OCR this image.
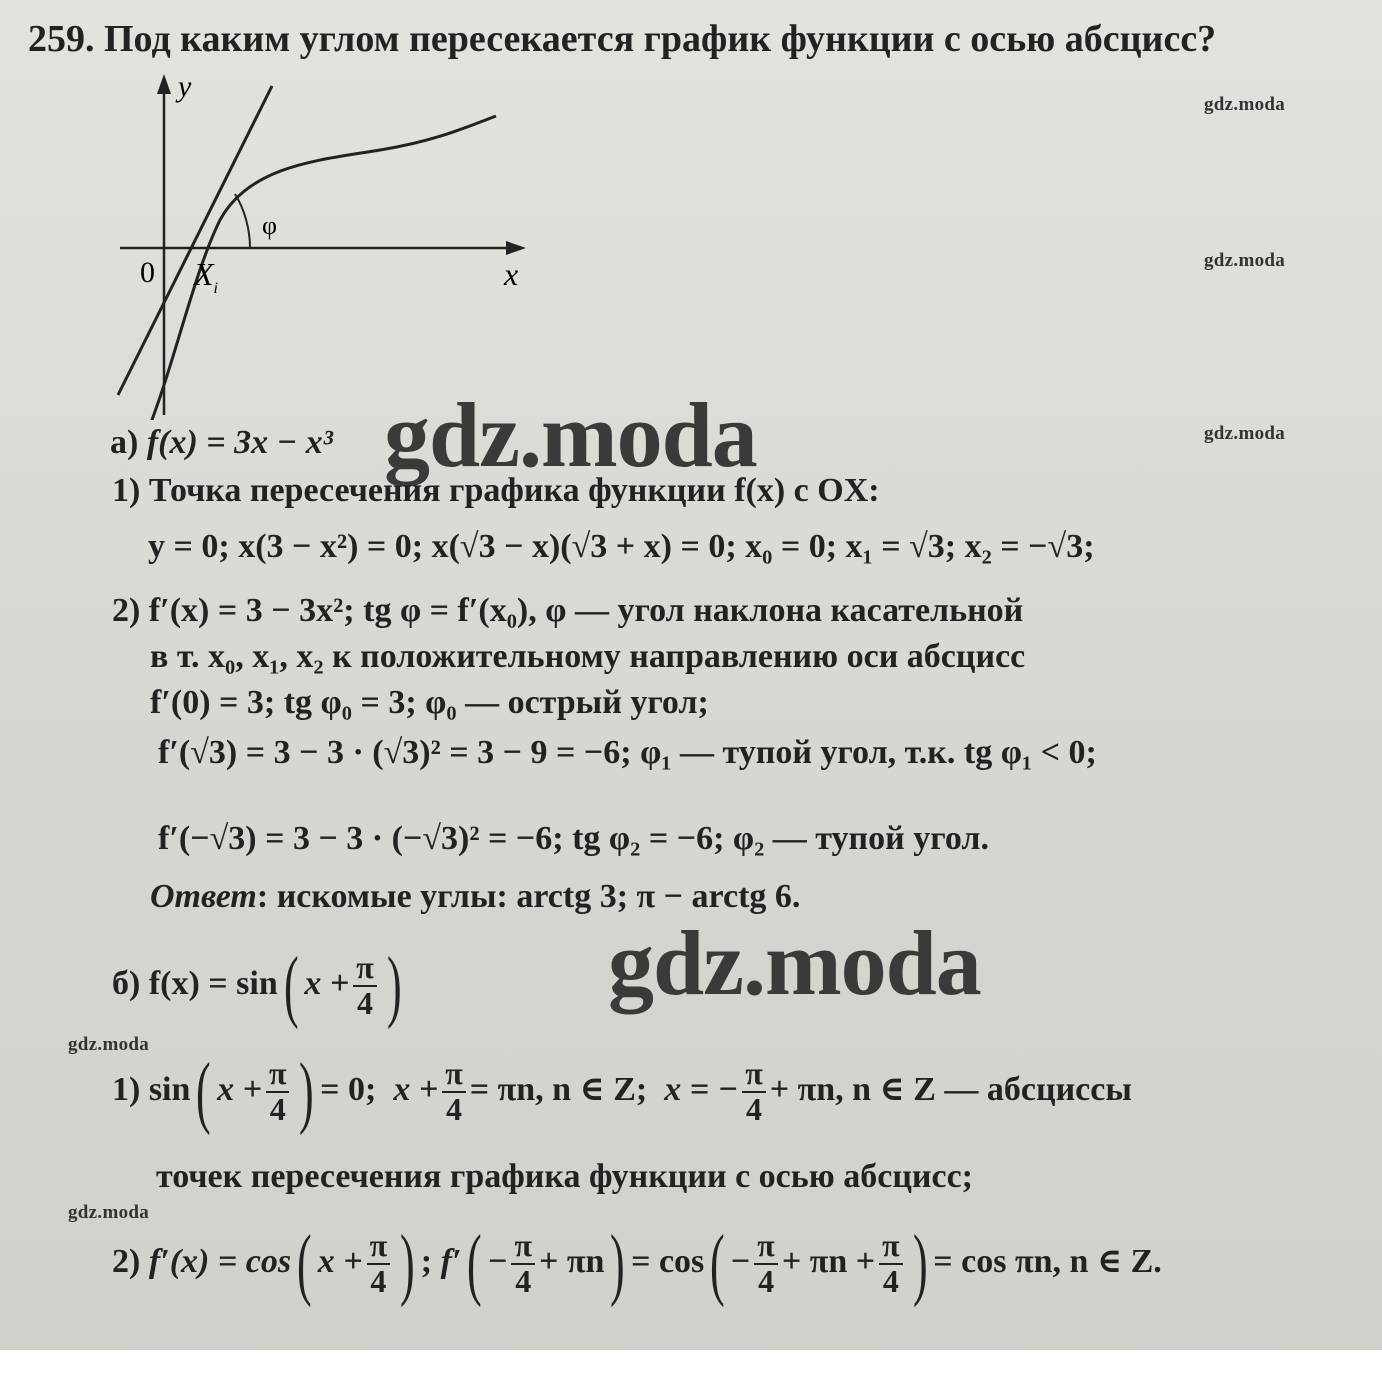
259. Под каким углом пересекается график функции с осью абсцисс?
y
x
0 $X_i$
φ
gdz.moda
gdz.moda
gdz.moda
gdz.moda
gdz.moda
а) f(x) = 3x − x³ gdz.moda
1) Точка пересечения графика функции f(x) с OX:
y = 0; x(3 − x²) = 0; x(√3 − x)(√3 + x) = 0; x₀ = 0; x₁ = √3; x₂ = −√3;
2) f′(x) = 3 − 3x²; tg φ = f′(x₀), φ — угол наклона касательной
в т. x₀, x₁, x₂ к положительному направлению оси абсцисс
f′(0) = 3; tg φ₀ = 3; φ₀ — острый угол;
f′(√3) = 3 − 3 · (√3)² = 3 − 9 = −6; φ₁ — тупой угол, т.к. tg φ₁ < 0;
f′(−√3) = 3 − 3 · (−√3)² = −6; tg φ₂ = −6; φ₂ — тупой угол.
Ответ: искомые углы: arctg 3; π − arctg 6.
gdz.moda
б) f(x) = sin( $x + \frac{\pi}{4}$ )
1) sin( $x + \frac{\pi}{4}$ ) = 0; $x + \frac{\pi}{4} = \pi n$, n ∈ Z; x = − $\frac{\pi}{4} + \pi n$, n ∈ Z — абсциссы
точек пересечения графика функции с осью абсцисс;
2) f′(x) = cos( $x + \frac{\pi}{4}$ ) ; $f'( - \frac{\pi}{4} + \pi n) = \cos( - \frac{\pi}{4} + \pi n + \frac{\pi}{4}$ ) = cos πn, n ∈ Z.
